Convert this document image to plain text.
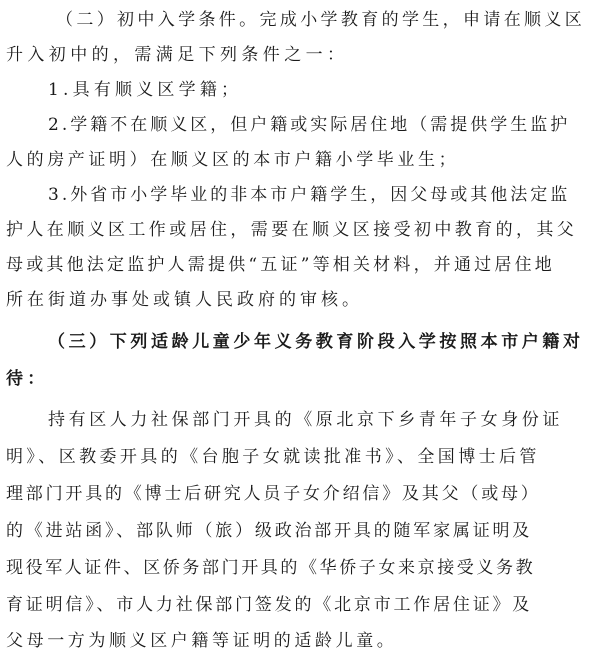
（二）初中入学条件。完成小学教育的学生，申请在顺义区
升入初中的，需满足下列条件之一：
1.具有顺义区学籍；
2.学籍不在顺义区，但户籍或实际居住地（需提供学生监护
人的房产证明）在顺义区的本市户籍小学毕业生；
3.外省市小学毕业的非本市户籍学生，因父母或其他法定监
护人在顺义区工作或居住，需要在顺义区接受初中教育的，其父
母或其他法定监护人需提供“五证”等相关材料，并通过居住地
所在街道办事处或镇人民政府的审核。
（三）下列适龄儿童少年义务教育阶段入学按照本市户籍对
待：
持有区人力社保部门开具的《原北京下乡青年子女身份证
明》、区教委开具的《台胞子女就读批准书》、全国博士后管
理部门开具的《博士后研究人员子女介绍信》及其父（或母）
的《进站函》、部队师（旅）级政治部开具的随军家属证明及
现役军人证件、区侨务部门开具的《华侨子女来京接受义务教
育证明信》、市人力社保部门签发的《北京市工作居住证》及
父母一方为顺义区户籍等证明的适龄儿童。
